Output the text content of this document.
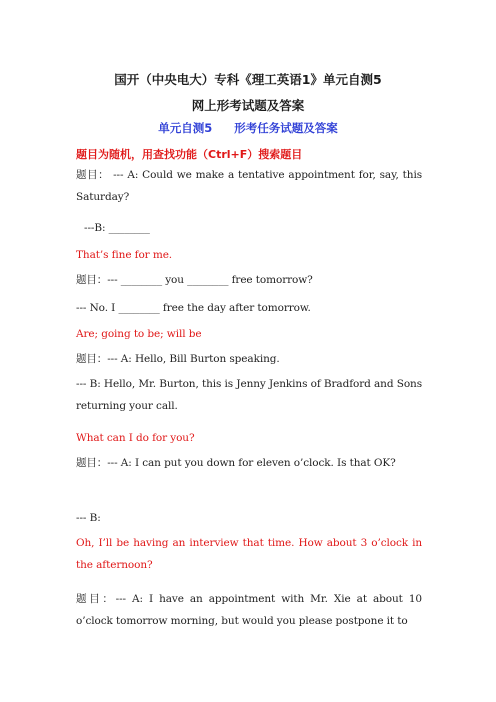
国开（中央电大）专科《理工英语1》单元自测5
网上形考试题及答案
单元自测5 形考任务试题及答案
题目为随机，用查找功能（Ctrl+F）搜索题目
题目： --- A: Could we make a tentative appointment for, say, this Saturday?
---B: ________
That’s fine for me.
题目：--- ________ you ________ free tomorrow?
--- No. I ________ free the day after tomorrow.
Are; going to be; will be
题目：--- A: Hello, Bill Burton speaking.
--- B: Hello, Mr. Burton, this is Jenny Jenkins of Bradford and Sons returning your call.
What can I do for you?
题目：--- A: I can put you down for eleven o’clock. Is that OK?
--- B:
Oh, I’ll be having an interview that time. How about 3 o’clock in the afternoon?
题目：--- A: I have an appointment with Mr. Xie at about 10 o’clock tomorrow morning, but would you please postpone it to
